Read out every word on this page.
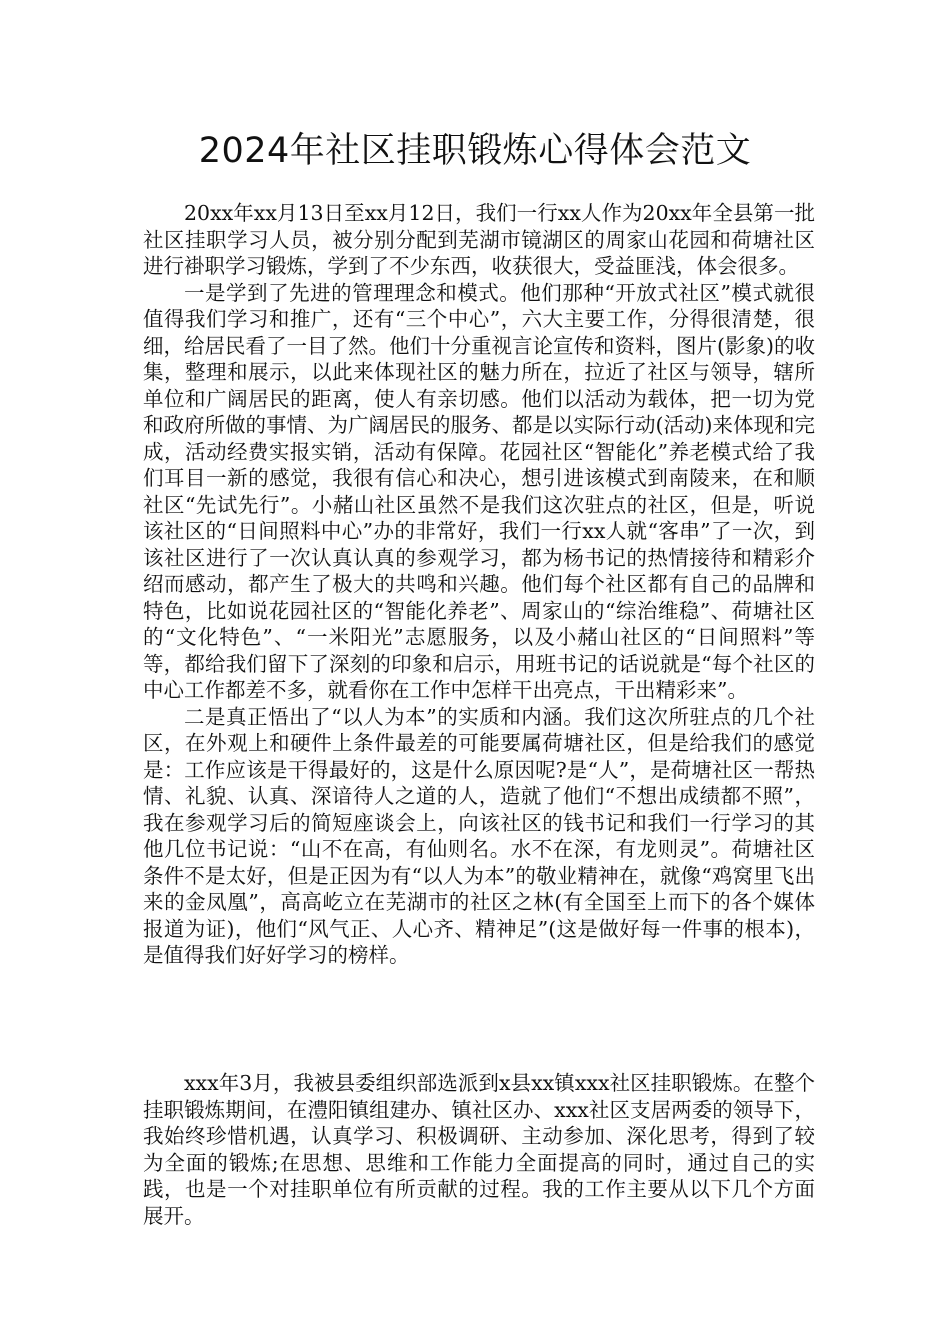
2024年社区挂职锻炼心得体会范文

20xx年xx月13日至xx月12日，我们一行xx人作为20xx年全县第一批社区挂职学习人员，被分别分配到芜湖市镜湖区的周家山花园和荷塘社区进行褂职学习锻炼，学到了不少东西，收获很大，受益匪浅，体会很多。

一是学到了先进的管理理念和模式。他们那种“开放式社区”模式就很值得我们学习和推广，还有“三个中心”，六大主要工作，分得很清楚，很细，给居民看了一目了然。他们十分重视言论宣传和资料，图片(影象)的收集，整理和展示，以此来体现社区的魅力所在，拉近了社区与领导，辖所单位和广阔居民的距离，使人有亲切感。他们以活动为载体，把一切为党和政府所做的事情、为广阔居民的服务、都是以实际行动(活动)来体现和完成，活动经费实报实销，活动有保障。花园社区“智能化”养老模式给了我们耳目一新的感觉，我很有信心和决心，想引进该模式到南陵来，在和顺社区“先试先行”。小赭山社区虽然不是我们这次驻点的社区，但是，听说该社区的“日间照料中心”办的非常好，我们一行xx人就“客串”了一次，到该社区进行了一次认真认真的参观学习，都为杨书记的热情接待和精彩介绍而感动，都产生了极大的共鸣和兴趣。他们每个社区都有自己的品牌和特色，比如说花园社区的“智能化养老”、周家山的“综治维稳”、荷塘社区的“文化特色”、“一米阳光”志愿服务，以及小赭山社区的“日间照料”等等，都给我们留下了深刻的印象和启示，用班书记的话说就是“每个社区的中心工作都差不多，就看你在工作中怎样干出亮点，干出精彩来”。

二是真正悟出了“以人为本”的实质和内涵。我们这次所驻点的几个社区，在外观上和硬件上条件最差的可能要属荷塘社区，但是给我们的感觉是：工作应该是干得最好的，这是什么原因呢?是“人”，是荷塘社区一帮热情、礼貌、认真、深谙待人之道的人，造就了他们“不想出成绩都不照”，我在参观学习后的简短座谈会上，向该社区的钱书记和我们一行学习的其他几位书记说：“山不在高，有仙则名。水不在深，有龙则灵”。荷塘社区条件不是太好，但是正因为有“以人为本”的敬业精神在，就像“鸡窝里飞出来的金凤凰”，高高屹立在芜湖市的社区之林(有全国至上而下的各个媒体报道为证)，他们“风气正、人心齐、精神足”(这是做好每一件事的根本)，是值得我们好好学习的榜样。

xxx年3月，我被县委组织部选派到x县xx镇xxx社区挂职锻炼。在整个挂职锻炼期间，在澧阳镇组建办、镇社区办、xxx社区支居两委的领导下，我始终珍惜机遇，认真学习、积极调研、主动参加、深化思考，得到了较为全面的锻炼;在思想、思维和工作能力全面提高的同时，通过自己的实践，也是一个对挂职单位有所贡献的过程。我的工作主要从以下几个方面展开。
